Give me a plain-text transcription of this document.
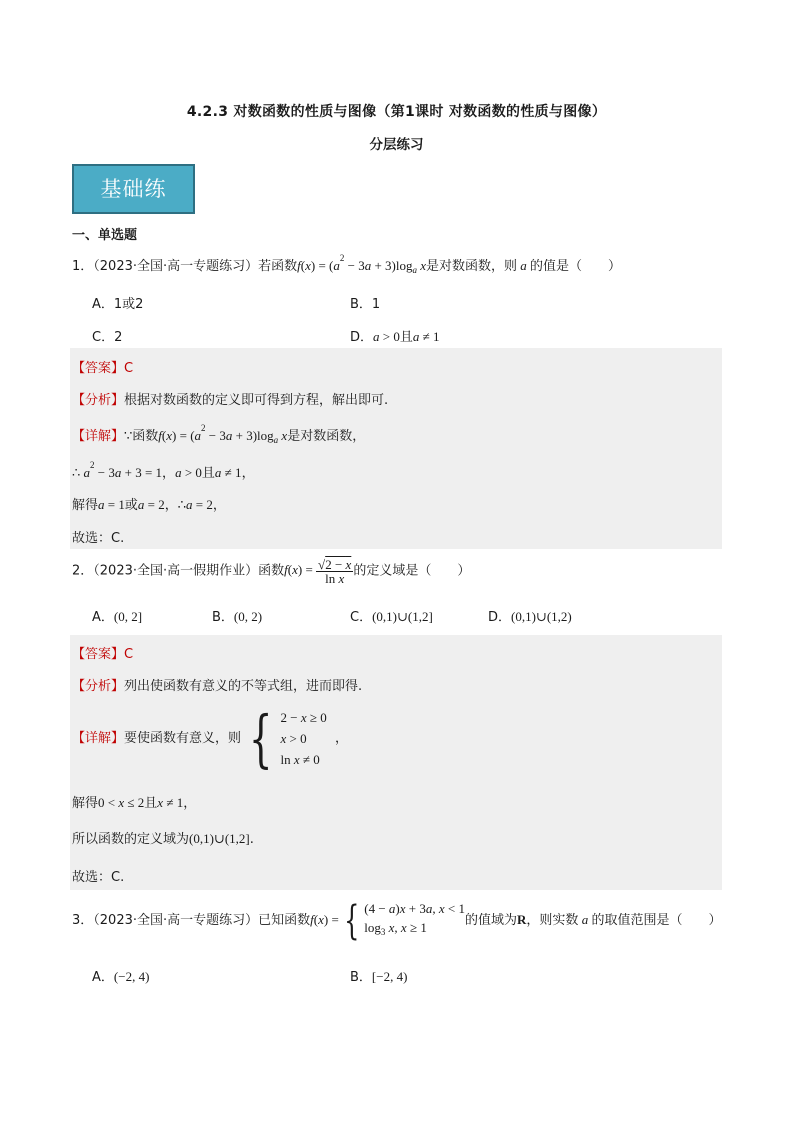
4.2.3 对数函数的性质与图像（第1课时 对数函数的性质与图像）
分层练习
基础练
一、单选题
1．（2023·全国·高一专题练习）若函数$f(x) = (a^2 - 3a + 3)\log_a$ x是对数函数，则 a 的值是（　　）
A．1或2	B．1
C．2	D．a > 0且a ≠ 1
【答案】C
【分析】根据对数函数的定义即可得到方程，解出即可.
【详解】∵函数$f(x) = (a^2 - 3a + 3)\log_a$ x是对数函数，
∴ $a^2 - 3a + 3 = 1$，a > 0且a ≠ 1，
解得a = 1或a = 2，∴a = 2，
故选：C.
2．（2023·全国·高一假期作业）函数$f(x) = \frac{√2 - x}{\text{ln x}}$ 的定义域是（　　）
A．(0, 2]	B．(0, 2)	C．(0,1)∪(1,2]	D．(0,1)∪(1,2)
【答案】C
【分析】列出使函数有意义的不等式组，进而即得.
【详解】要使函数有意义，则 { 2 − x ≥ 0
x > 0
ln x ≠ 0  ，
解得0 < x ≤ 2且x ≠ 1，
所以函数的定义域为(0,1)∪(1,2].
故选：C.
3．（2023·全国·高一专题练习）已知函数f(x) = { (4 − a)x + 3a, x < 1
$\log_3 x$, x ≥ 1	的值域为R，则实数 a 的取值范围是（　　）
A．(−2, 4)	B．[−2, 4)
